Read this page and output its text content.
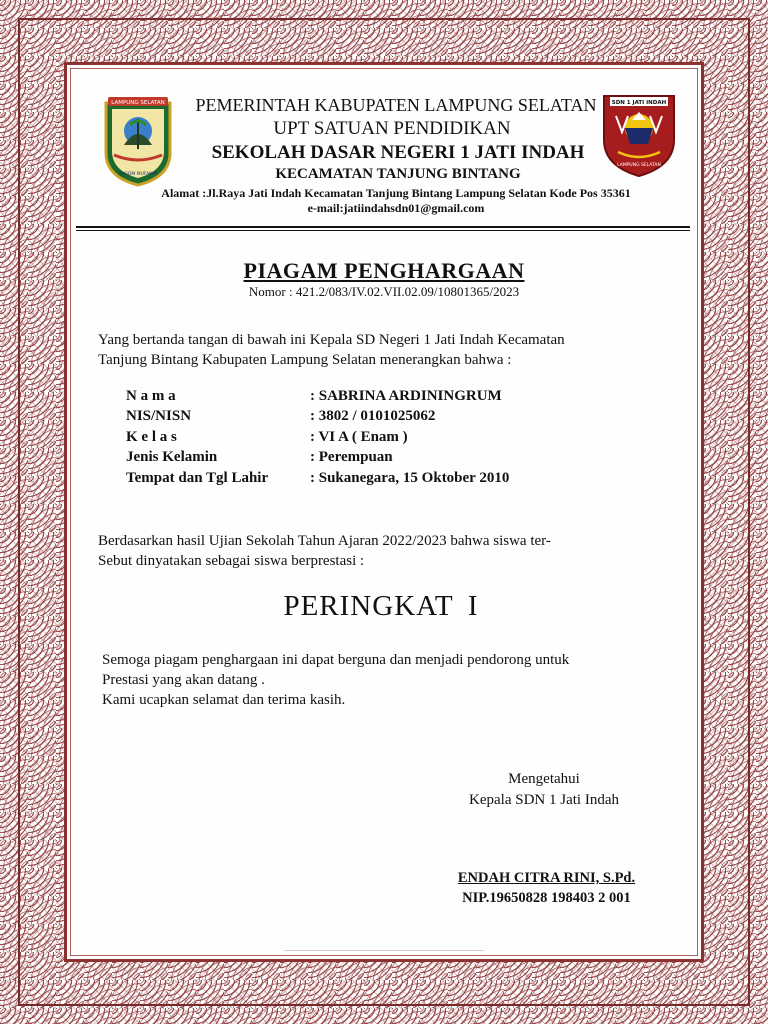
LAMPUNG SELATAN
RAGOM MUFAKAT
SDN 1 JATI INDAH
LAMPUNG SELATAN
PEMERINTAH KABUPATEN LAMPUNG SELATAN
UPT SATUAN PENDIDIKAN
SEKOLAH DASAR NEGERI 1 JATI INDAH
KECAMATAN TANJUNG BINTANG
Alamat :Jl.Raya Jati Indah Kecamatan Tanjung Bintang Lampung Selatan Kode Pos 35361
e-mail:jatiindahsdn01@gmail.com
PIAGAM PENGHARGAAN
Nomor : 421.2/083/IV.02.VII.02.09/10801365/2023
Yang bertanda tangan di bawah ini Kepala SD Negeri 1 Jati Indah Kecamatan
Tanjung Bintang Kabupaten Lampung Selatan menerangkan bahwa :
N a m a	: SABRINA ARDININGRUM
NIS/NISN	: 3802 / 0101025062
K e l a s	: VI A ( Enam )
Jenis Kelamin	: Perempuan
Tempat dan Tgl Lahir	: Sukanegara, 15 Oktober 2010
Berdasarkan hasil Ujian Sekolah Tahun Ajaran 2022/2023 bahwa siswa ter-
Sebut dinyatakan sebagai siswa berprestasi :
PERINGKAT I
Semoga piagam penghargaan ini dapat berguna dan menjadi pendorong untuk
Prestasi yang akan datang .
Kami ucapkan selamat dan terima kasih.
Mengetahui
Kepala SDN 1 Jati Indah
ENDAH CITRA RINI, S.Pd.
NIP.19650828 198403 2 001
